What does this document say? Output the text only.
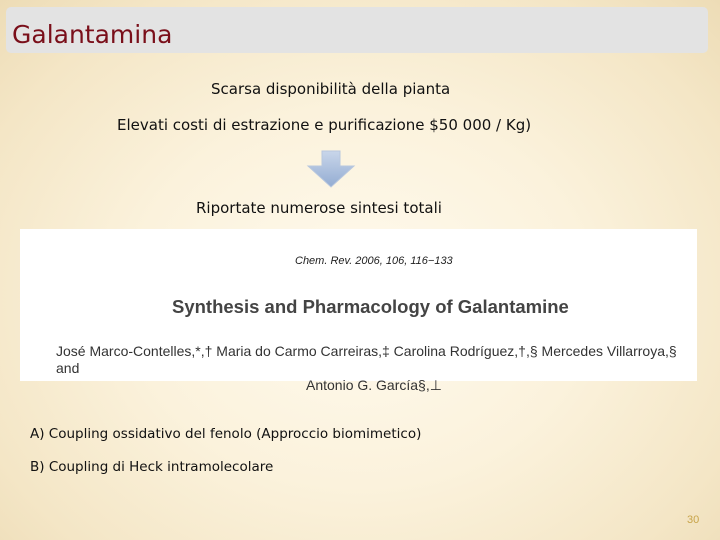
Galantamina
Scarsa disponibilità della pianta
Elevati costi di estrazione e purificazione $50 000 / Kg)
Riportate numerose sintesi totali
Chem. Rev. 2006, 106, 116−133
Synthesis and Pharmacology of Galantamine
José Marco-Contelles,*,† Maria do Carmo Carreiras,‡ Carolina Rodríguez,†,§ Mercedes Villarroya,§ and
Antonio G. García§,⊥
A) Coupling ossidativo del fenolo (Approccio biomimetico)
B) Coupling di Heck intramolecolare
30
